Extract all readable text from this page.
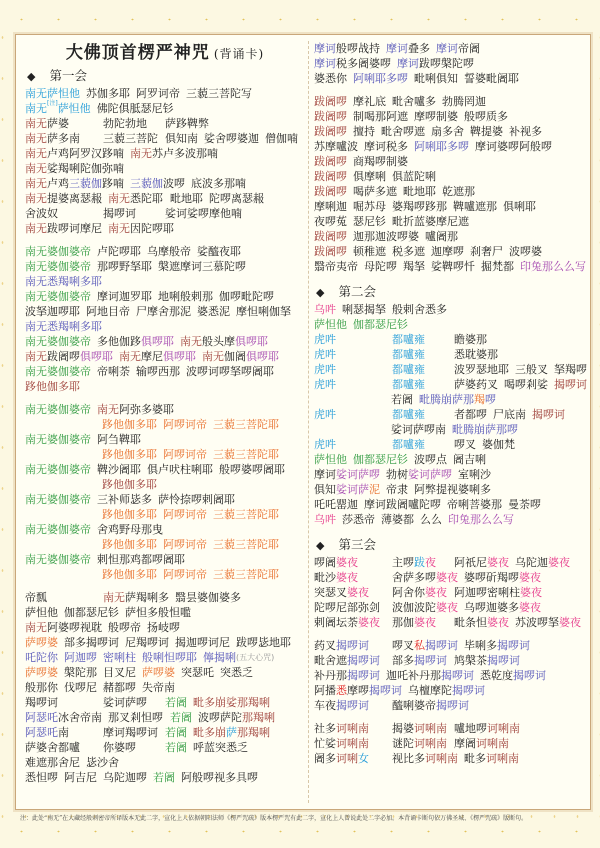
大佛顶首楞严神咒 (背诵卡)
◆ 第一会
南无萨怛他 苏伽多耶 阿罗诃帝 三藐三菩陀写
南无[注]萨怛他 佛陀俱胝瑟尼钐
南无萨婆	勃陀勃地	萨跢鞞弊
南无萨多南	三藐三菩陀 俱知南 娑舍啰婆迦 僧伽喃
南无卢鸡阿罗汉跢喃 南无苏卢多波那喃
南无娑羯唎陀伽弥喃
南无卢鸡三藐伽跢喃 三藐伽波啰 底波多那喃
南无提婆离瑟赧 南无悉陀耶 毗地耶 陀啰离瑟赧
舍波奴	揭啰诃	娑诃娑啰摩他喃
南无跋啰诃摩尼 南无因陀啰耶
南无婆伽婆帝 卢陀啰耶 乌摩般帝 娑醯夜耶
南无婆伽婆帝 那啰野拏耶 槃遮摩诃三慕陀啰
南无悉羯唎多耶
南无婆伽婆帝 摩诃迦罗耶 地唎般剌那 伽啰毗陀啰
波拏迦啰耶 阿地目帝 尸摩舍那泥 婆悉泥 摩怛唎伽拏
南无悉羯唎多耶
南无婆伽婆帝 多他伽跢俱啰耶 南无般头摩俱啰耶
南无跋阇啰俱啰耶 南无摩尼俱啰耶 南无伽阇俱啰耶
南无婆伽婆帝 帝唎荼 输啰西那 波啰诃啰拏啰阇耶
跢他伽多耶
南无婆伽婆帝 南无阿弥多婆耶
跢他伽多耶 阿啰诃帝 三藐三菩陀耶
南无婆伽婆帝 阿刍鞞耶
跢他伽多耶 阿啰诃帝 三藐三菩陀耶
南无婆伽婆帝 鞞沙阇耶 俱卢吠柱唎耶 般啰婆啰阇耶
跢他伽多耶
南无婆伽婆帝 三补师毖多 萨怜捺啰剌阇耶
跢他伽多耶 阿啰诃帝 三藐三菩陀耶
南无婆伽婆帝 舍鸡野母那曳
跢他伽多耶 阿啰诃帝 三藐三菩陀耶
南无婆伽婆帝 剌怛那鸡都啰阇耶
跢他伽多耶 阿啰诃帝 三藐三菩陀耶
帝瓢	南无萨羯唎多 翳昙婆伽婆多
萨怛他 伽都瑟尼钐 萨怛多般怛嚂
南无阿婆啰视耽 般啰帝 扬岐啰
萨啰婆 部多揭啰诃 尼羯啰诃 揭迦啰诃尼 跋啰毖地耶
吒陀你 阿迦啰 密唎柱 般唎怛啰耶 儜揭唎(五大心咒)
萨啰婆 槃陀那 目叉尼 萨啰婆 突瑟吒 突悉乏
般那你 伐啰尼 赭都啰 失帝南
羯啰诃	娑诃萨啰	若阇 毗多崩娑那羯唎
阿瑟吒冰舍帝南 那叉剎怛啰 若阇 波啰萨陀那羯唎
阿瑟吒南	摩诃羯啰诃 若阇 毗多崩萨那羯唎
萨婆舍都嚧	你婆啰	若阇 呼蓝突悉乏
难遮那舍尼 毖沙舍
悉怛啰 阿吉尼 乌陀迦啰 若阇 阿般啰视多具啰
摩诃般啰战持 摩诃叠多 摩诃帝阇
摩诃税多阇婆啰 摩诃跋啰槃陀啰
婆悉你 阿唎耶多啰 毗唎俱知 誓婆毗阇耶
跋阇啰 摩礼底 毗舍嚧多 勃腾罔迦
跋阇啰 制喝那阿遮 摩啰制婆 般啰质多
跋阇啰 擅持 毗舍啰遮 扇多舍 鞞提婆 补视多
苏摩嚧波 摩诃税多 阿唎耶多啰 摩诃婆啰阿般啰
跋阇啰 商羯啰制婆
跋阇啰 俱摩唎 俱蓝陀唎
跋阇啰 喝萨多遮 毗地耶 乾遮那
摩唎迦 啒苏母 婆羯啰跢那 鞞嚧遮那 俱唎耶
夜啰菟 瑟尼钐 毗折蓝婆摩尼遮
跋阇啰 迦那迦波啰婆 嚧阇那
跋阇啰 顿稚遮 税多遮 迦摩啰 刹奢尸 波啰婆
翳帝夷帝 母陀啰 羯拏 娑鞞啰忏 掘梵都 印兔那么么写
◆ 第二会
乌吽 唎瑟揭拏 般剌舍悉多
萨怛他 伽都瑟尼钐
虎吽	都嚧雍	瞻婆那
虎吽	都嚧雍	悉耽婆那
虎吽	都嚧雍	波罗瑟地耶 三般叉 拏羯啰
虎吽	都嚧雍	萨婆药叉 喝啰剎娑 揭啰诃
若阇 毗腾崩萨那羯啰
虎吽	都嚧雍	者都啰 尸底南 揭啰诃
娑诃萨啰南 毗腾崩萨那啰
虎吽	都嚧雍	啰叉 婆伽梵
萨怛他 伽都瑟尼钐 波啰点 阇吉唎
摩诃娑诃萨啰 勃树娑诃萨啰 室唎沙
俱知娑诃萨泥 帝隶 阿弊提视婆唎多
吒吒罂迦 摩诃跋阇嚧陀啰 帝唎菩婆那 曼荼啰
乌吽 莎悉帝 薄婆都 么么 印兔那么么写
◆ 第三会
啰阇婆夜	主啰跋夜	阿祇尼婆夜 乌陀迦婆夜
毗沙婆夜	舍萨多啰婆夜 婆啰斫羯啰婆夜
突瑟叉婆夜	阿舍你婆夜 阿迦啰密唎柱婆夜
陀啰尼部弥剑	波伽波陀婆夜 乌啰迦婆多婆夜
剌阇坛荼婆夜	那伽婆夜	毗条怛婆夜 苏波啰拏婆夜
药叉揭啰诃	啰叉私揭啰诃 毕唎多揭啰诃
毗舍遮揭啰诃	部多揭啰诃 鸠槃茶揭啰诃
补丹那揭啰诃 迦吒补丹那揭啰诃 悉乾度揭啰诃
阿播悉摩啰揭啰诃 乌檀摩陀揭啰诃
车夜揭啰诃	醯唎婆帝揭啰诃
社多诃唎南	揭婆诃唎南 嚧地啰诃唎南
忙娑诃唎南	谜陀诃唎南 摩阇诃唎南
阇多诃唎女	视比多诃唎南 毗多诃唎南
注：此处“南无”在大藏经般刺密帝所译版本无此二字，宣化上人依据朝阳法师《楞严咒疏》版本楞严咒有此二字，宣化上人曾说此处二字必加。本背诵卡断句依万佛圣城、《楞严咒疏》版断句。
